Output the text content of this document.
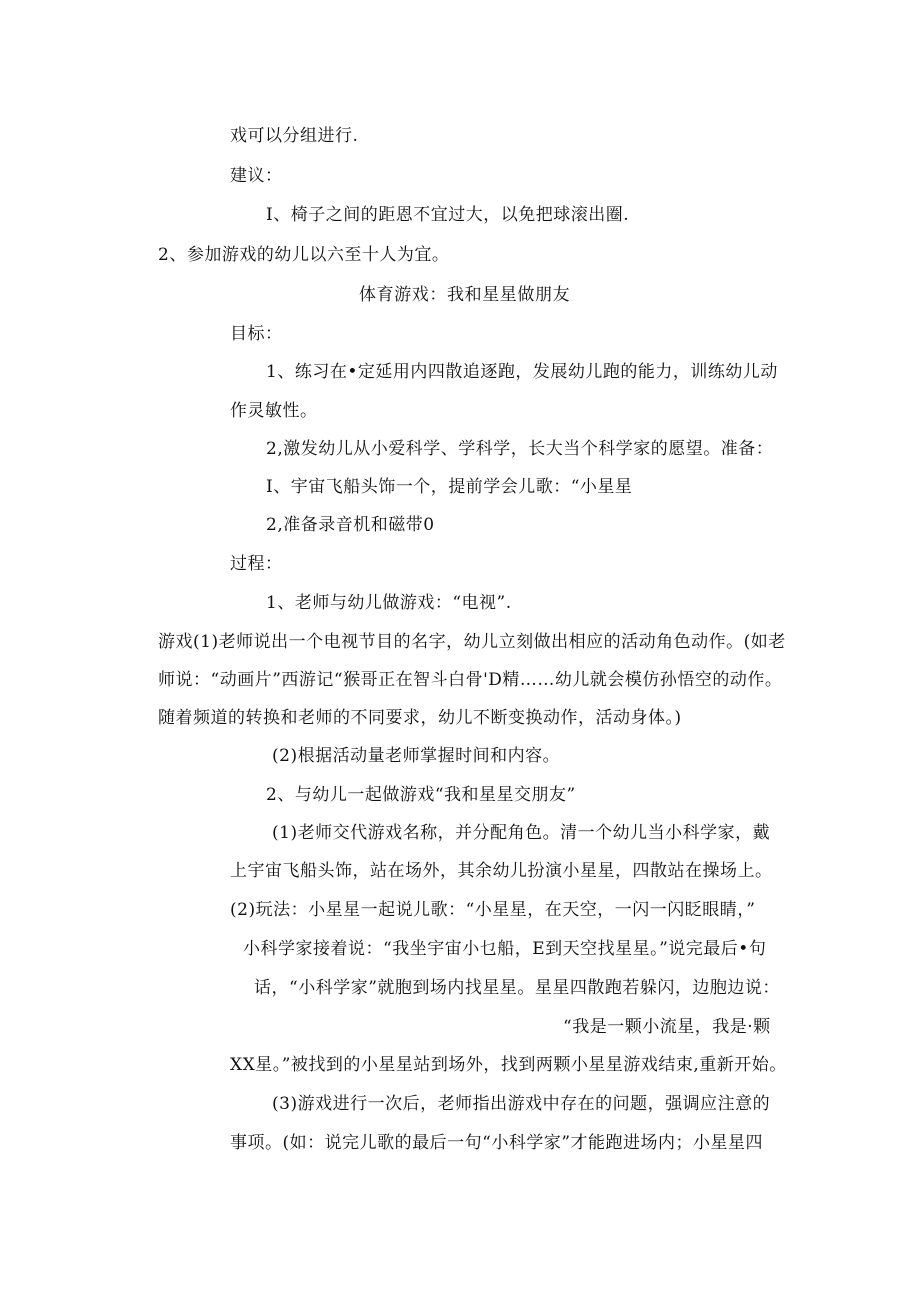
戏可以分组进行.
建议：
I、椅子之间的距恩不宜过大，以免把球滚出圈.
2、参加游戏的幼儿以六至十人为宜。
体育游戏：我和星星做朋友
目标：
1、练习在•定延用内四散追逐跑，发展幼儿跑的能力，训练幼儿动
作灵敏性。
2,激发幼儿从小爱科学、学科学，长大当个科学家的愿望。准备：
I、宇宙飞船头饰一个，提前学会儿歌：“小星星
2,准备录音机和磁带0
过程：
1、老师与幼儿做游戏：“电视”.
游戏(1)老师说出一个电视节目的名字，幼儿立刻做出相应的活动角色动作。(如老
师说：“动画片”西游记“猴哥正在智斗白骨'D精……幼儿就会模仿孙悟空的动作。
随着频道的转换和老师的不同要求，幼儿不断变换动作，活动身体。)
(2)根据活动量老师掌握时间和内容。
2、与幼儿一起做游戏“我和星星交朋友”
(1)老师交代游戏名称，并分配角色。清一个幼儿当小科学家，戴
上宇宙飞船头饰，站在场外，其余幼儿扮演小星星，四散站在操场上。
(2)玩法：小星星一起说儿歌：“小星星，在天空，一闪一闪眨眼睛，”
小科学家接着说：“我坐宇宙小乜船，E到天空找星星。”说完最后•句
话，“小科学家”就胞到场内找星星。星星四散跑若躲闪，边胞边说：
“我是一颗小流星，我是·颗
XX星。”被找到的小星星站到场外，找到两颗小星星游戏结束,重新开始。
(3)游戏进行一次后，老师指出游戏中存在的问题，强调应注意的
事项。(如：说完儿歌的最后一句“小科学家”才能跑进场内；小星星四
